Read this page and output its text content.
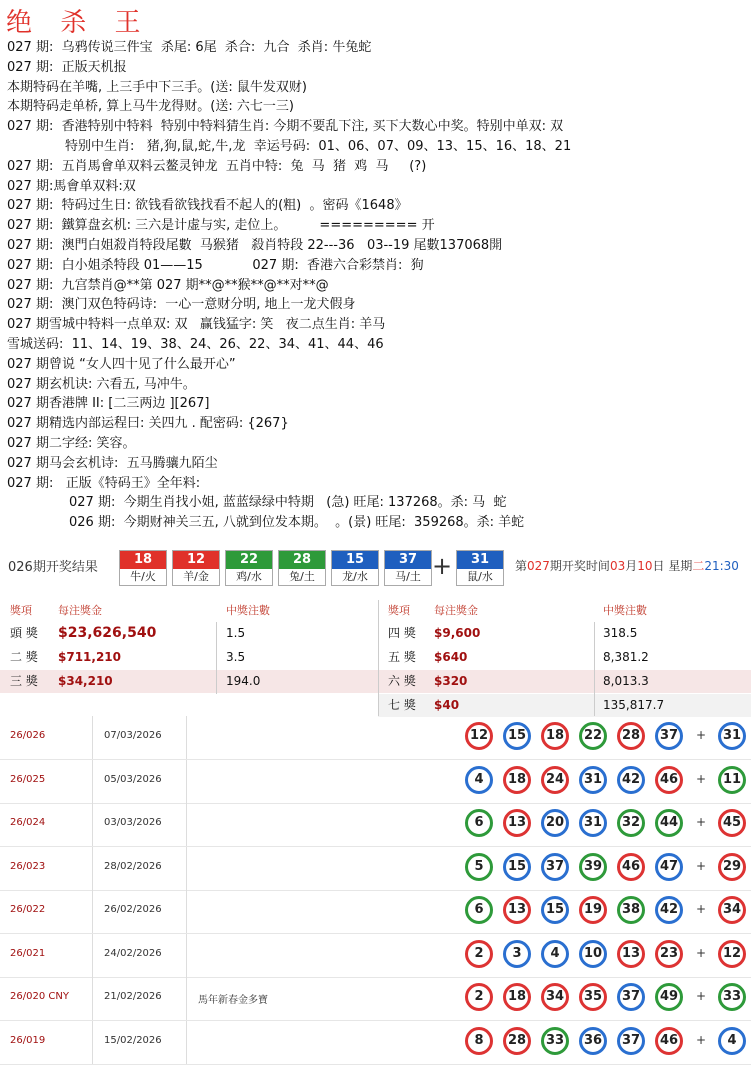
绝 杀 王
027 期:  乌鸦传说三件宝  杀尾: 6尾  杀合:  九合  杀肖: 牛兔蛇
027 期:  正版天机报
本期特码在羊嘴, 上三手中下三手。(送: 鼠牛发双财)
本期特码走单桥, 算上马牛龙得财。(送: 六七一三)
027 期:  香港特别中特料  特别中特料猜生肖: 今期不要乱下注, 买下大数心中奖。特别中单双: 双
特别中生肖:   猪,狗,鼠,蛇,牛,龙  幸运号码:  01、06、07、09、13、15、16、18、21
027 期:  五肖馬會单双料云鳌灵钟龙  五肖中特:  兔  马  猪  鸡  马     (?)
027 期:馬會单双料:双
027 期:  特码过生日: 欲钱看欲钱找看不起人的(粗)  。密码《1648》
027 期:  鐵算盘玄机: 三六是计虚与实, 走位上。        ========= 开
027 期:  澳門白姐殺肖特段尾數  马猴猪   殺肖特段 22---36   03--19 尾數137068開
027 期:  白小姐杀特段 01——15            027 期:  香港六合彩禁肖:  狗
027 期:  九宫禁肖@**第 027 期**@**猴**@**对**@
027 期:  澳门双色特码诗:  一心一意财分明, 地上一龙犬假身
027 期雪城中特料一点单双: 双   赢钱猛字: 笑   夜二点生肖: 羊马
雪城送码:  11、14、19、38、24、26、22、34、41、44、46
027 期曾说 “女人四十见了什么最开心”
027 期玄机诀: 六看五, 马冲牛。
027 期香港牌 II: [二三两边 ][267]
027 期精选内部运程曰: 关四九 . 配密码: {267}
027 期二字经: 笑容。
027 期马会玄机诗:  五马腾骧九陌尘
027 期:   正版《特码王》全年料:
027 期:  今期生肖找小姐, 蓝蓝绿绿中特期   (急) 旺尾: 137268。杀: 马  蛇
026 期:  今期财神关三五, 八就到位发本期。  。(景) 旺尾:  359268。杀: 羊蛇
026期开奖结果
18
牛/火
12
羊/金
22
鸡/水
28
兔/土
15
龙/水
37
马/土 +	31
鼠/水
第027期开奖时间03月10日 星期二21:30
獎項 每注獎金	中獎注數	獎項 每注獎金	中獎注數
頭 獎 $23,626,540	1.5
二 獎 $711,210	3.5
三 獎 $34,210	194.0
四 獎 $9,600	318.5
五 獎 $640	8,381.2
六 獎 $320	8,013.3
七 獎 $40	135,817.7
26/026	07/03/2026	12	15	18	22	28	37	+	31
26/025	05/03/2026	4	18	24	31	42	46	+	11
26/024	03/03/2026	6	13	20	31	32	44	+	45
26/023	28/02/2026	5	15	37	39	46	47	+	29
26/022	26/02/2026	6	13	15	19	38	42	+	34
26/021	24/02/2026	2	3	4	10	13	23	+	12
26/020 CNY	21/02/2026	馬年新春金多寶	2	18	34	35	37	49	+	33
26/019	15/02/2026	8	28	33	36	37	46	+	4
